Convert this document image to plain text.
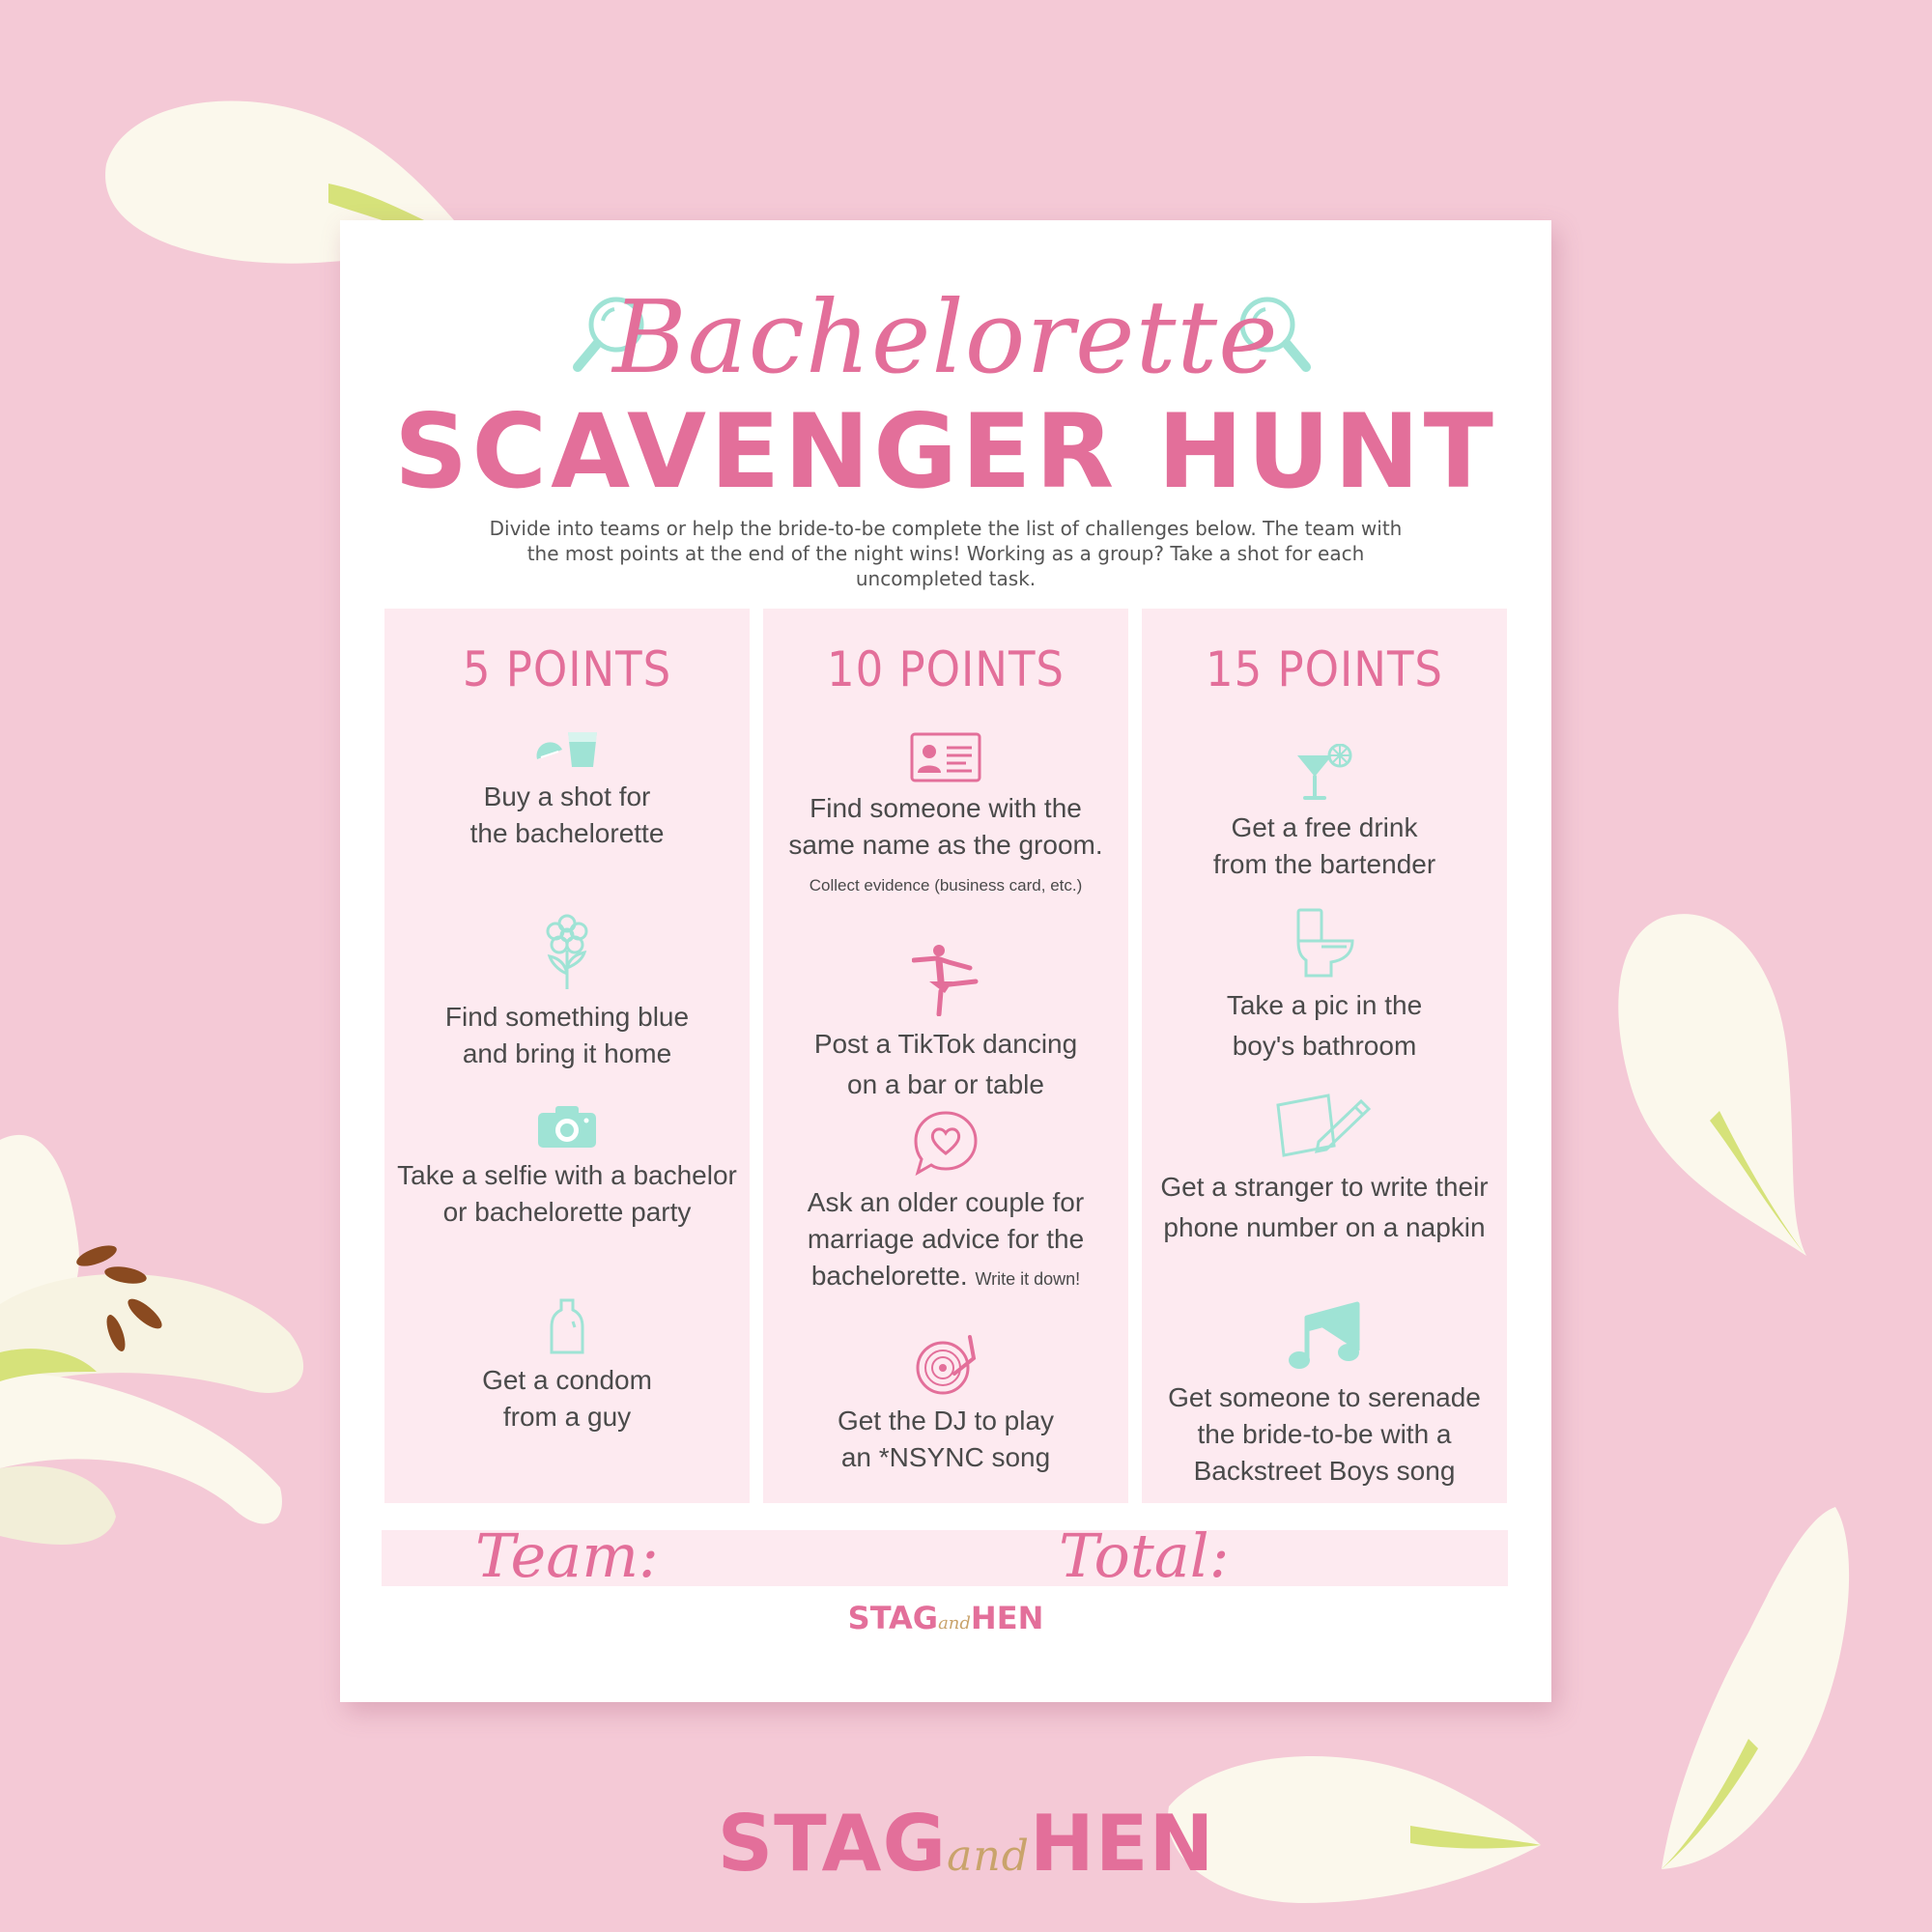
Bachelorette
SCAVENGER HUNT
Divide into teams or help the bride-to-be complete the list of challenges below. The team with the most points at the end of the night wins! Working as a group? Take a shot for each uncompleted task.
5 POINTS
Buy a shot for
the bachelorette
Find something blue
and bring it home
Take a selfie with a bachelor
or bachelorette party
Get a condom
from a guy
10 POINTS
Find someone with the
same name as the groom.
Collect evidence (business card, etc.)
Post a TikTok dancing
on a bar or table
Ask an older couple for
marriage advice for the
bachelorette. Write it down!
Get the DJ to play
an *NSYNC song
15 POINTS
Get a free drink
from the bartender
Take a pic in the
boy's bathroom
Get a stranger to write their
phone number on a napkin
Get someone to serenade
the bride-to-be with a
Backstreet Boys song
Team:	Total:
STAGandHEN
STAGandHEN
